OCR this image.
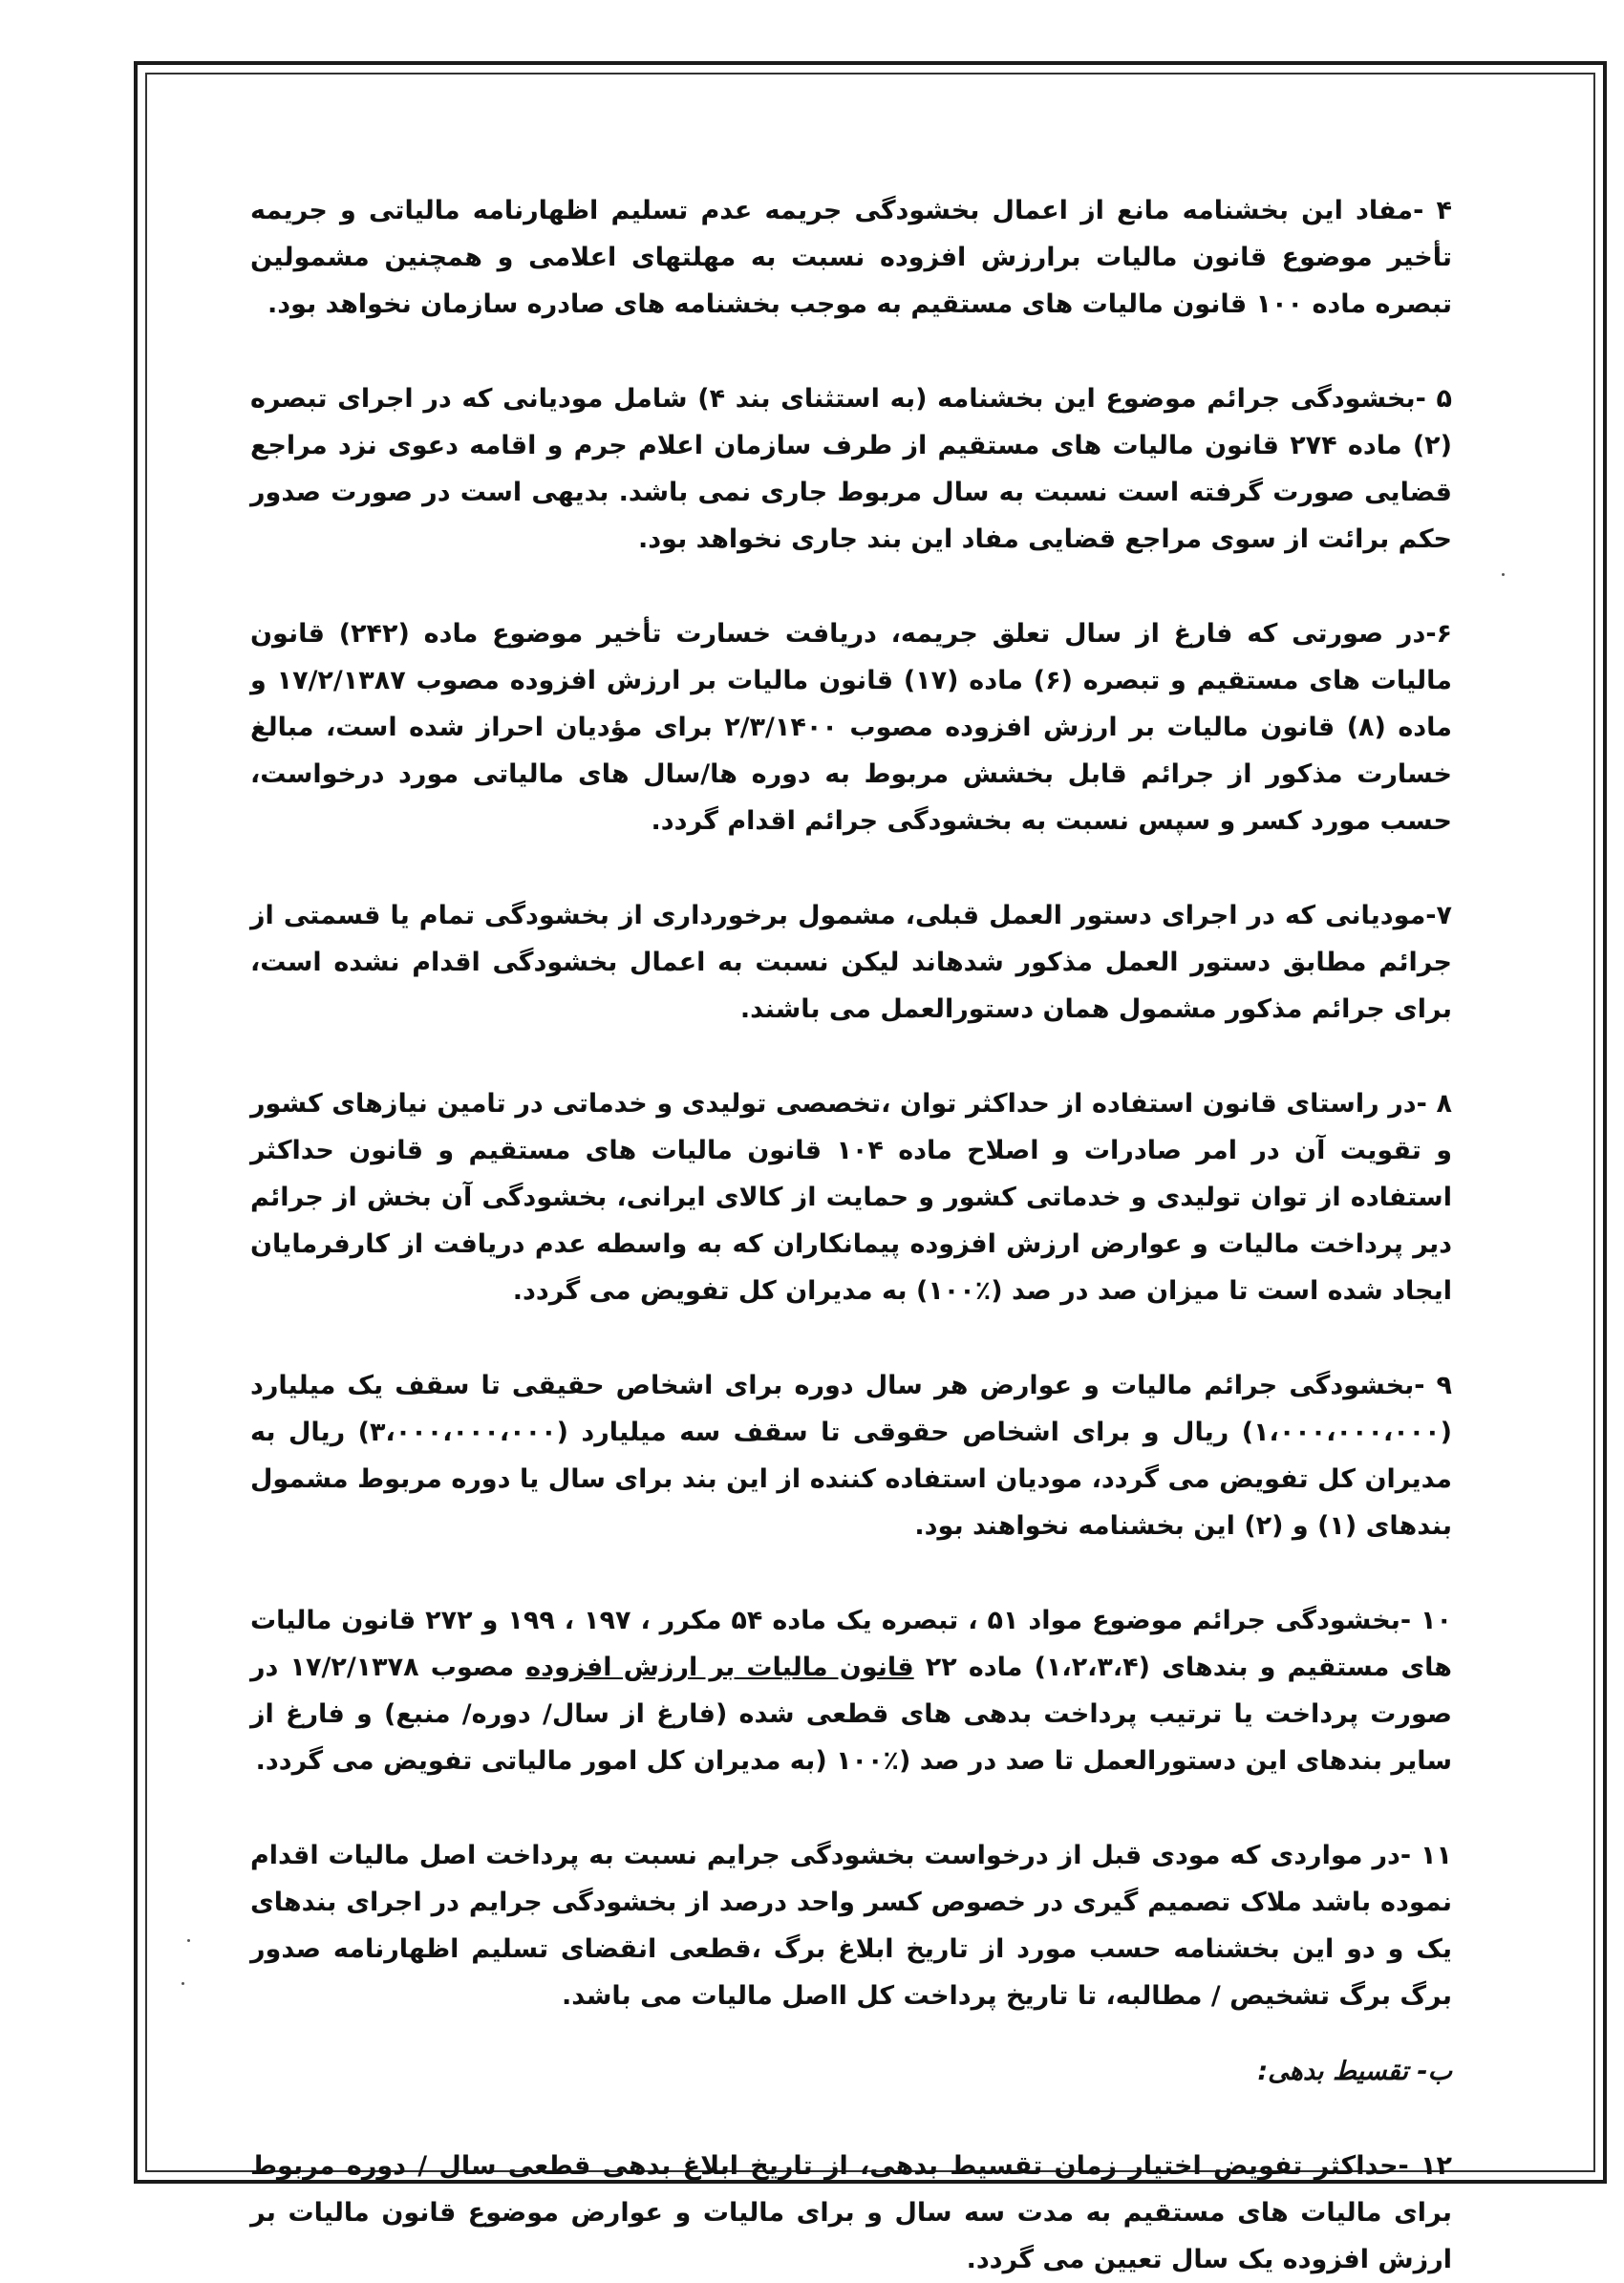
۴ -مفاد این بخشنامه مانع از اعمال بخشودگی جریمه عدم تسلیم اظهارنامه مالیاتی و جریمه تأخیر موضوع قانون مالیات برارزش افزوده نسبت به مهلتهای اعلامی و همچنین مشمولین تبصره ماده ۱۰۰ قانون مالیات های مستقیم به موجب بخشنامه های صادره سازمان نخواهد بود.

۵ -بخشودگی جرائم موضوع این بخشنامه (به استثنای بند ۴) شامل مودیانی که در اجرای تبصره (۲) ماده ۲۷۴ قانون مالیات های مستقیم از طرف سازمان اعلام جرم و اقامه دعوی نزد مراجع قضایی صورت گرفته است نسبت به سال مربوط جاری نمی باشد. بدیهی است در صورت صدور حکم برائت از سوی مراجع قضایی مفاد این بند جاری نخواهد بود.

۶-در صورتی که فارغ از سال تعلق جریمه، دریافت خسارت تأخیر موضوع ماده (۲۴۲) قانون مالیات های مستقیم و تبصره (۶) ماده (۱۷) قانون مالیات بر ارزش افزوده مصوب ۱۷/۲/۱۳۸۷ و ماده (۸) قانون مالیات بر ارزش افزوده مصوب ۲/۳/۱۴۰۰ برای مؤدیان احراز شده است، مبالغ خسارت مذکور از جرائم قابل بخشش مربوط به دوره ها/سال های مالیاتی مورد درخواست، حسب مورد کسر و سپس نسبت به بخشودگی جرائم اقدام گردد.

۷-مودیانی که در اجرای دستور العمل قبلی، مشمول برخورداری از بخشودگی تمام یا قسمتی از جرائم مطابق دستور العمل مذکور شدهاند لیکن نسبت به اعمال بخشودگی اقدام نشده است، برای جرائم مذکور مشمول همان دستورالعمل می باشند.

۸ -در راستای قانون استفاده از حداکثر توان ،تخصصی تولیدی و خدماتی در تامین نیازهای کشور و تقویت آن در امر صادرات و اصلاح ماده ۱۰۴ قانون مالیات های مستقیم و قانون حداکثر استفاده از توان تولیدی و خدماتی کشور و حمایت از کالای ایرانی، بخشودگی آن بخش از جرائم دیر پرداخت مالیات و عوارض ارزش افزوده پیمانکاران که به واسطه عدم دریافت از کارفرمایان ایجاد شده است تا میزان صد در صد (٪۱۰۰) به مدیران کل تفویض می گردد.

۹ -بخشودگی جرائم مالیات و عوارض هر سال دوره برای اشخاص حقیقی تا سقف یک میلیارد (۱،۰۰۰،۰۰۰،۰۰۰) ریال و برای اشخاص حقوقی تا سقف سه میلیارد (۳،۰۰۰،۰۰۰،۰۰۰) ریال به مدیران کل تفویض می گردد، مودیان استفاده کننده از این بند برای سال یا دوره مربوط مشمول بندهای (۱) و (۲) این بخشنامه نخواهند بود.

۱۰ -بخشودگی جرائم موضوع مواد ۵۱ ، تبصره یک ماده ۵۴ مکرر ، ۱۹۷ ، ۱۹۹ و ۲۷۲ قانون مالیات های مستقیم و بندهای (۱،۲،۳،۴) ماده ۲۲ قانون مالیات بر ارزش افزوده مصوب ۱۷/۲/۱۳۷۸ در صورت پرداخت یا ترتیب پرداخت بدهی های قطعی شده (فارغ از سال/ دوره/ منبع) و فارغ از سایر بندهای این دستورالعمل تا صد در صد (٪۱۰۰ (به مدیران کل امور مالیاتی تفویض می گردد.

۱۱ -در مواردی که مودی قبل از درخواست بخشودگی جرایم نسبت به پرداخت اصل مالیات اقدام نموده باشد ملاک تصمیم گیری در خصوص کسر واحد درصد از بخشودگی جرایم در اجرای بندهای یک و دو این بخشنامه حسب مورد از تاریخ ابلاغ برگ ،قطعی انقضای تسلیم اظهارنامه صدور برگ برگ تشخیص / مطالبه، تا تاریخ پرداخت کل ااصل مالیات می باشد.

ب- تقسیط بدهی:

۱۲ -حداکثر تفویض اختیار زمان تقسیط بدهی، از تاریخ ابلاغ بدهی قطعی سال / دوره مربوط برای مالیات های مستقیم به مدت سه سال و برای مالیات و عوارض موضوع قانون مالیات بر ارزش افزوده یک سال تعیین می گردد.
